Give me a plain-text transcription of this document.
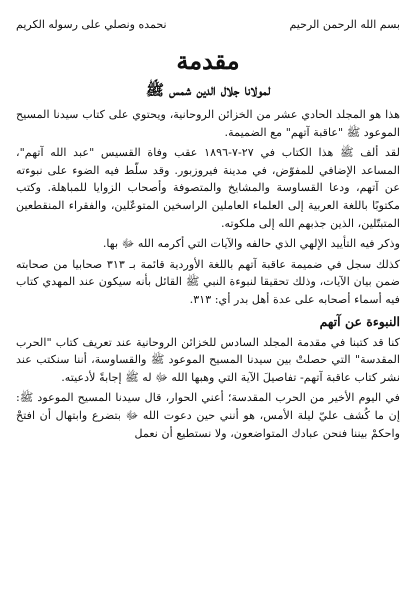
بسم الله الرحمن الرحيم
نحمده ونصلي على رسوله الكريم
مقدمة
لمولانا جلال الدين شمس ﷺ

هذا هو المجلد الحادي عشر من الخزائن الروحانية، ويحتوي على كتاب سيدنا المسيح الموعود ﷺ "عاقبة آتهم" مع الضميمة.

لقد ألف ﷺ هذا الكتاب في ٢٧-٧-١٨٩٦ عقب وفاة القسيس "عبد الله آتهم"، المساعد الإضافي للمفوّض، في مدينة فيروزبور. وقد سلّط فيه الضوء على نبوءته عن آتهم، ودعا القساوسة والمشايخ والمتصوفة وأصحاب الزوايا للمباهلة. وكتب مكتوبًا باللغة العربية إلى العلماء العاملين الراسخين المتوعّلين، والفقراء المنقطعين المتبتّلين، الذين جذبهم الله إلى ملكوته.

وذكر فيه التأييد الإلهي الذي حالفه والآيات التي أكرمه الله ﷻ بها.

كذلك سجل في ضميمة عاقبة آتهم باللغة الأوردية قائمة بـ ٣١٣ صحابيا من صحابته ضمن بيان الآيات، وذلك تحقيقا لنبوءة النبي ﷺ القائل بأنه سيكون عند المهدي كتاب فيه أسماء أصحابه على عدة أهل بدر أي: ٣١٣.

النبوءة عن آتهم

كنا قد كتبنا في مقدمة المجلد السادس للخزائن الروحانية عند تعريف كتاب "الحرب المقدسة" التي حصلتْ بين سيدنا المسيح الموعود ﷺ والقساوسة، أننا سنكتب عند نشر كتاب عاقبة آتهم- تفاصيلَ الآية التي وهبها الله ﷻ له ﷺ إجابةً لأدعيته.

في اليوم الأخير من الحرب المقدسة؛ أعني الحوار، قال سيدنا المسيح الموعود ﷺ: إن ما كُشف عليّ ليلة الأمس، هو أنني حين دعوت الله ﷻ بتضرع وابتهال أن افتحْ واحكمْ بيننا فنحن عبادك المتواضعون، ولا نستطيع أن نعمل
